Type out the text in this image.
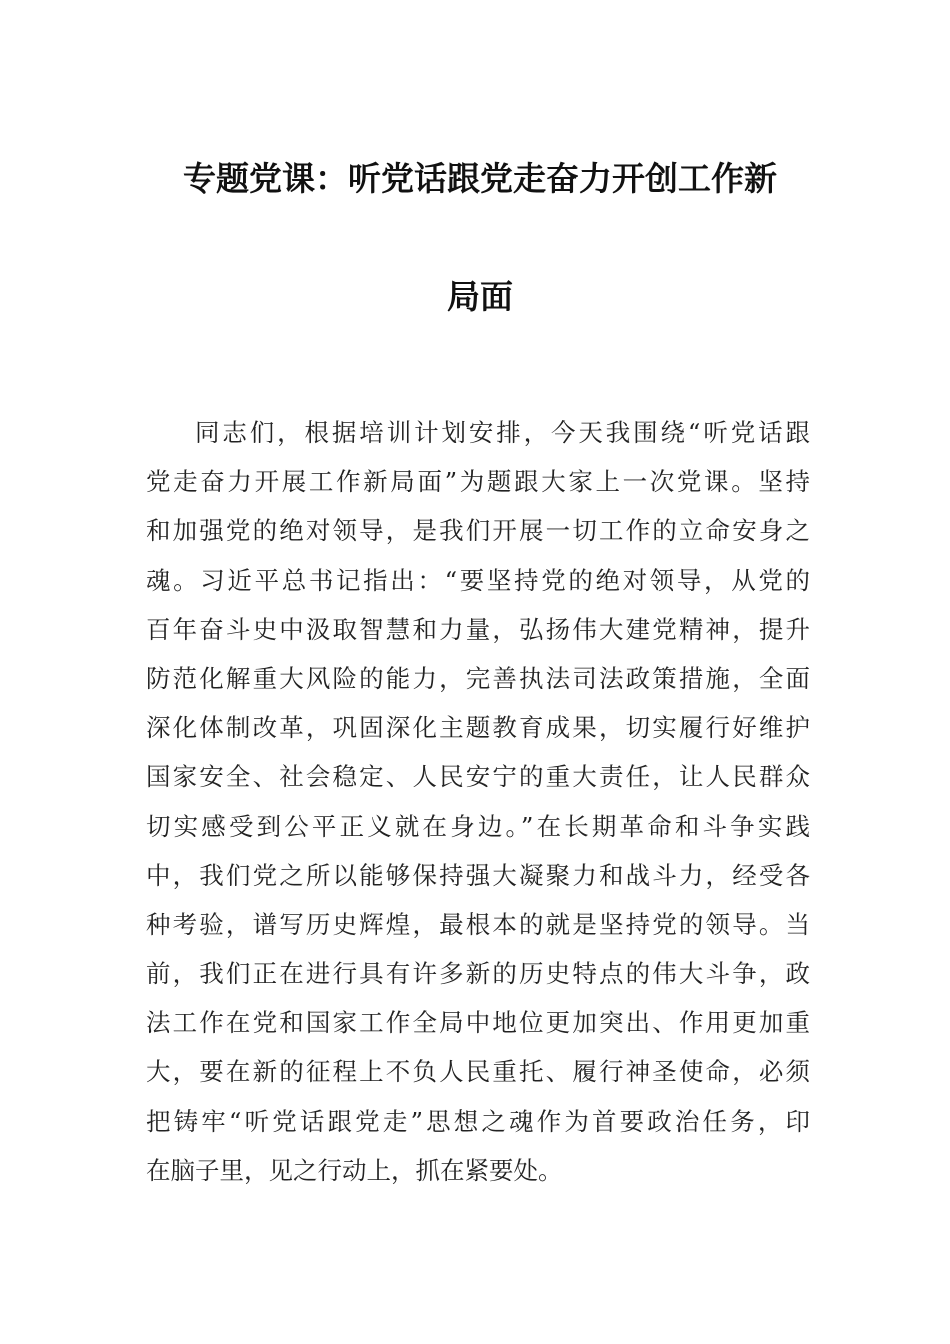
专题党课：听党话跟党走奋力开创工作新
局面
同志们，根据培训计划安排，今天我围绕“听党话跟
党走奋力开展工作新局面”为题跟大家上一次党课。坚持
和加强党的绝对领导，是我们开展一切工作的立命安身之
魂。习近平总书记指出：“要坚持党的绝对领导，从党的
百年奋斗史中汲取智慧和力量，弘扬伟大建党精神，提升
防范化解重大风险的能力，完善执法司法政策措施，全面
深化体制改革，巩固深化主题教育成果，切实履行好维护
国家安全、社会稳定、人民安宁的重大责任，让人民群众
切实感受到公平正义就在身边。”在长期革命和斗争实践
中，我们党之所以能够保持强大凝聚力和战斗力，经受各
种考验，谱写历史辉煌，最根本的就是坚持党的领导。当
前，我们正在进行具有许多新的历史特点的伟大斗争，政
法工作在党和国家工作全局中地位更加突出、作用更加重
大，要在新的征程上不负人民重托、履行神圣使命，必须
把铸牢“听党话跟党走”思想之魂作为首要政治任务，印
在脑子里，见之行动上，抓在紧要处。
